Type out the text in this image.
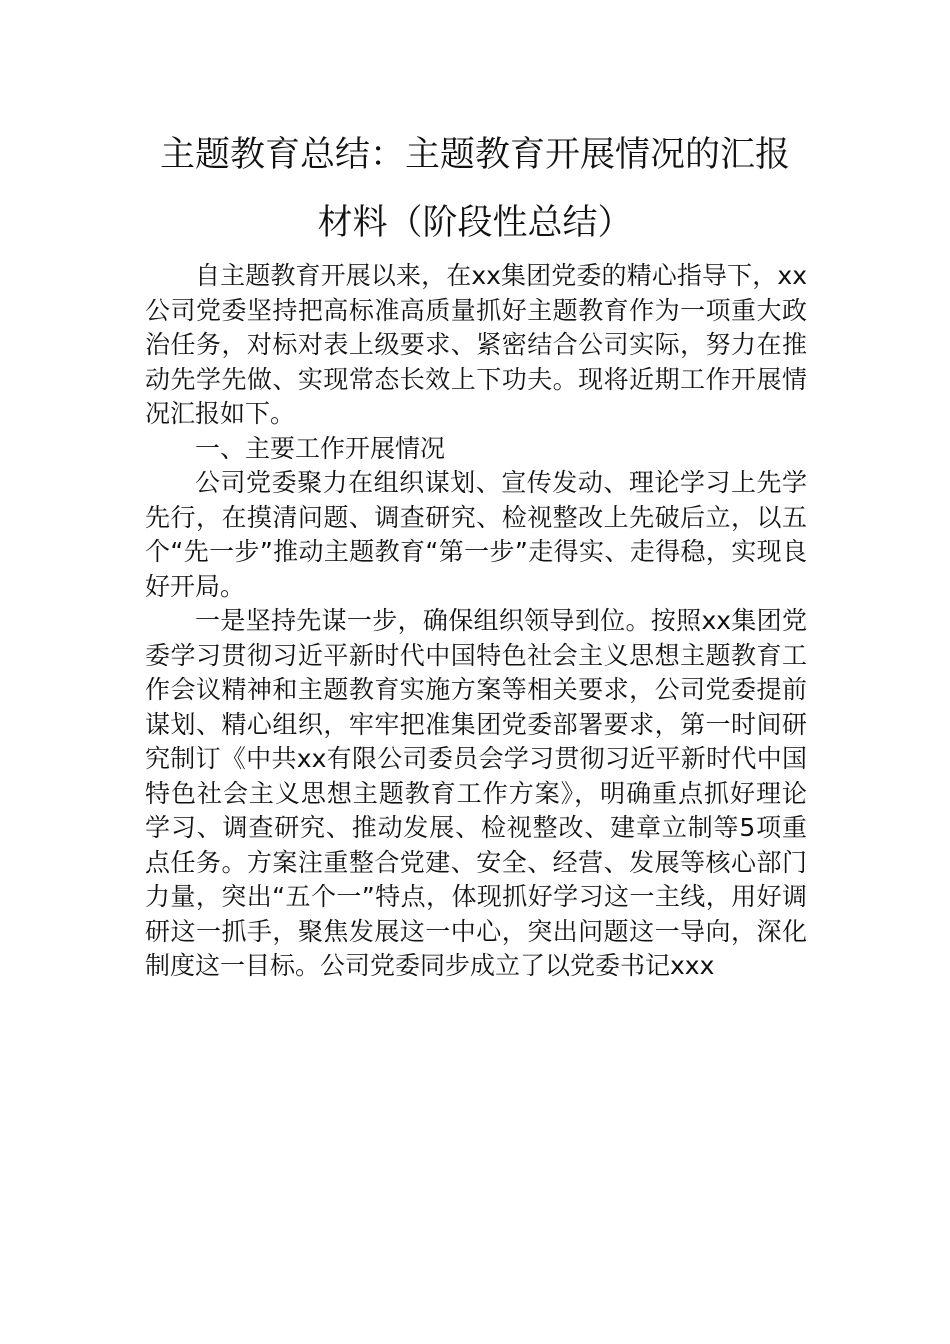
主题教育总结：主题教育开展情况的汇报
材料（阶段性总结）

自主题教育开展以来，在xx集团党委的精心指导下，xx公司党委坚持把高标准高质量抓好主题教育作为一项重大政治任务，对标对表上级要求、紧密结合公司实际，努力在推动先学先做、实现常态长效上下功夫。现将近期工作开展情况汇报如下。

一、主要工作开展情况

公司党委聚力在组织谋划、宣传发动、理论学习上先学先行，在摸清问题、调查研究、检视整改上先破后立，以五个“先一步”推动主题教育“第一步”走得实、走得稳，实现良好开局。

一是坚持先谋一步，确保组织领导到位。按照xx集团党委学习贯彻习近平新时代中国特色社会主义思想主题教育工作会议精神和主题教育实施方案等相关要求，公司党委提前谋划、精心组织，牢牢把准集团党委部署要求，第一时间研究制订《中共xx有限公司委员会学习贯彻习近平新时代中国特色社会主义思想主题教育工作方案》，明确重点抓好理论学习、调查研究、推动发展、检视整改、建章立制等5项重点任务。方案注重整合党建、安全、经营、发展等核心部门力量，突出“五个一”特点，体现抓好学习这一主线，用好调研这一抓手，聚焦发展这一中心，突出问题这一导向，深化制度这一目标。公司党委同步成立了以党委书记xxx
